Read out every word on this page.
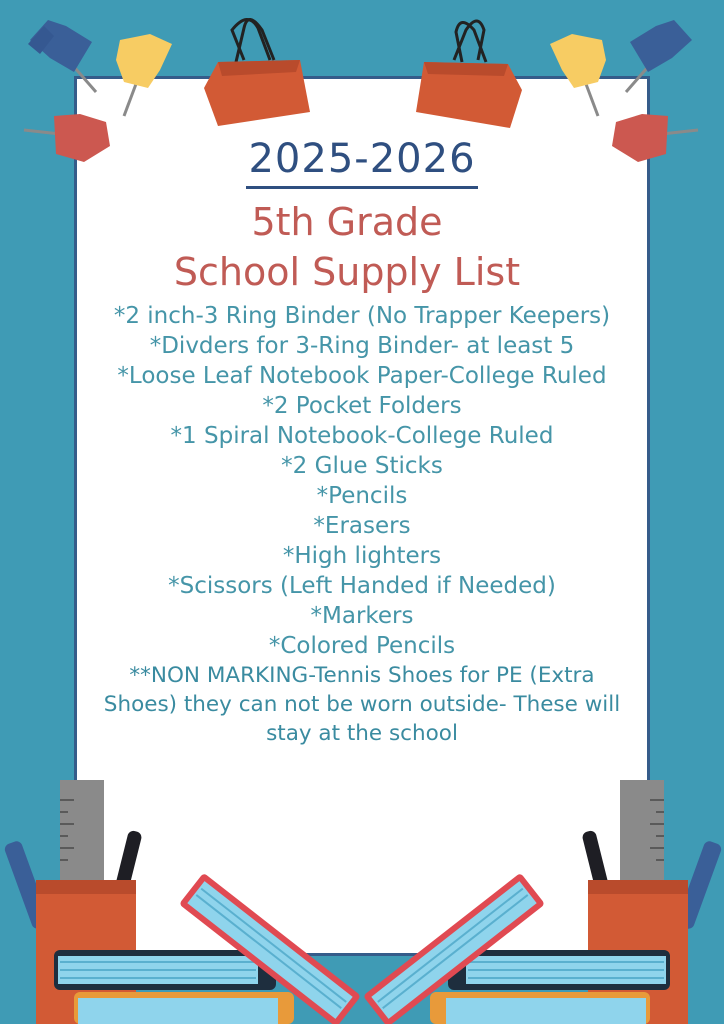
2025-2026
5th Grade
School Supply List
*2 inch-3 Ring Binder (No Trapper Keepers)
*Divders for 3-Ring Binder- at least 5
*Loose Leaf Notebook Paper-College Ruled
*2 Pocket Folders
*1 Spiral Notebook-College Ruled
*2 Glue Sticks
*Pencils
*Erasers
*High lighters
*Scissors (Left Handed if Needed)
*Markers
*Colored Pencils
**NON MARKING-Tennis Shoes for PE (Extra Shoes) they can not be worn outside- These will stay at the school
